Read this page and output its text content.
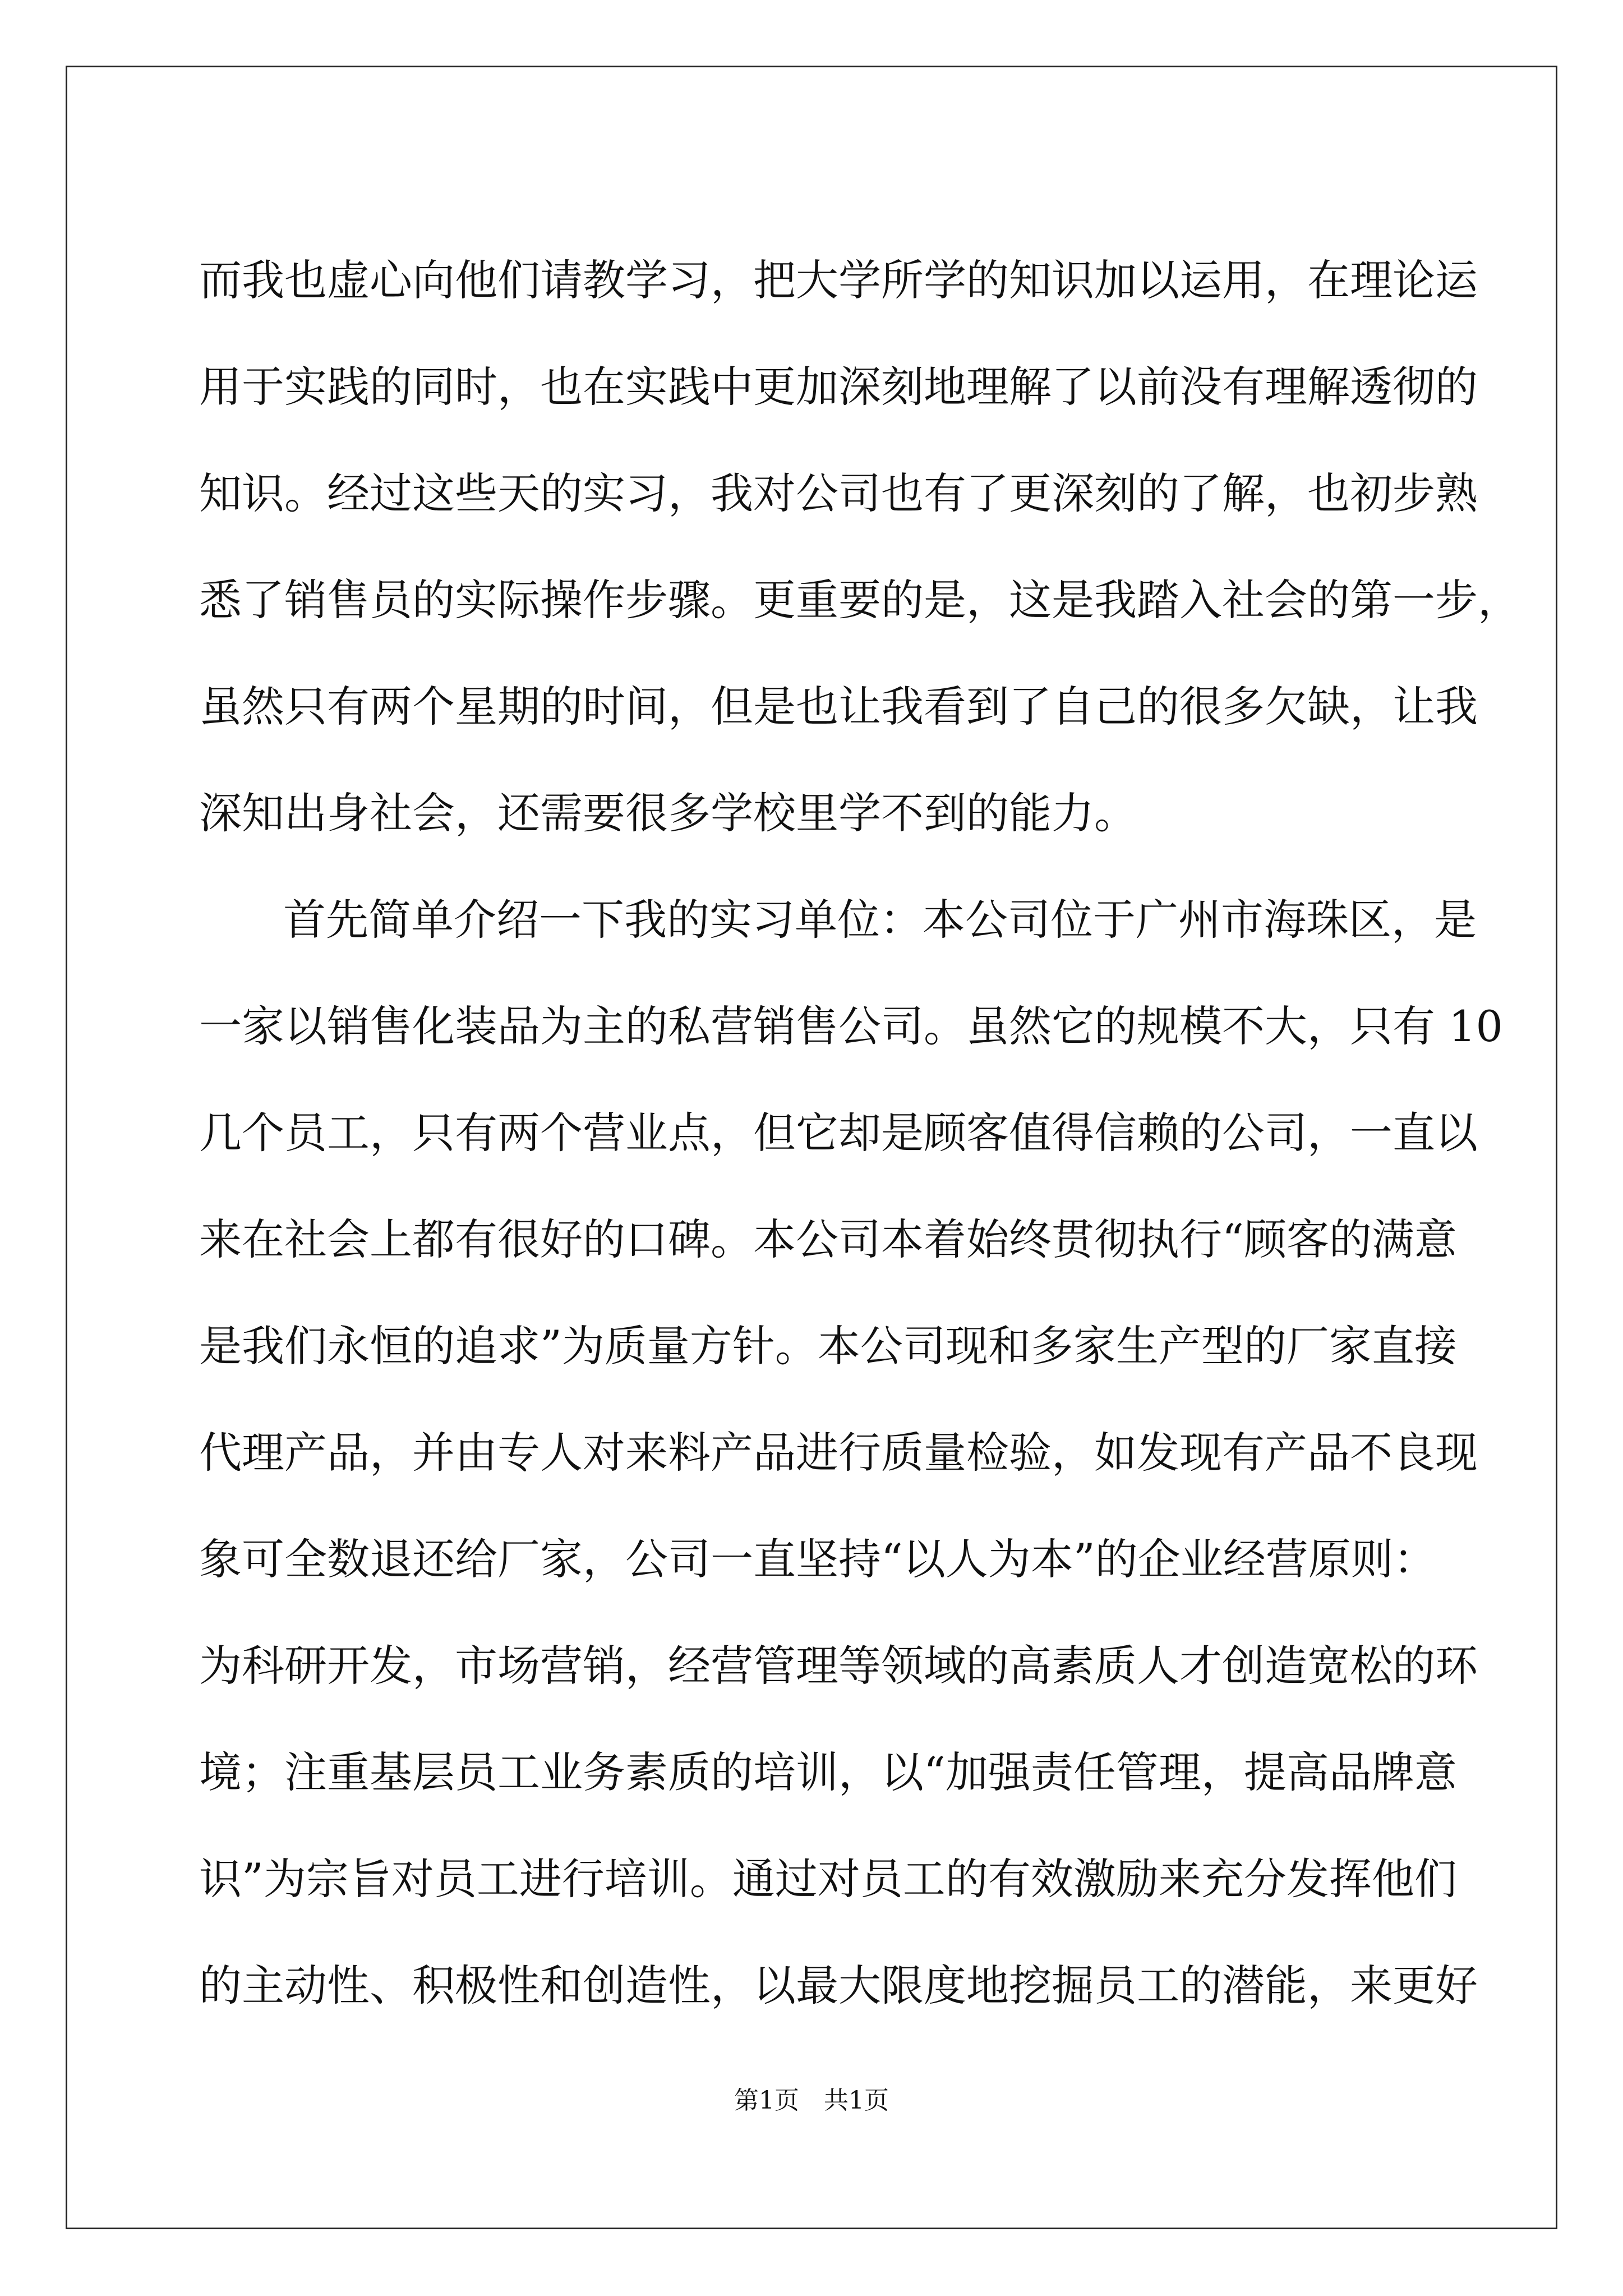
而我也虚心向他们请教学习，把大学所学的知识加以运用，在理论运
用于实践的同时，也在实践中更加深刻地理解了以前没有理解透彻的
知识。经过这些天的实习，我对公司也有了更深刻的了解，也初步熟
悉了销售员的实际操作步骤。更重要的是，这是我踏入社会的第一步，
虽然只有两个星期的时间，但是也让我看到了自己的很多欠缺，让我
深知出身社会，还需要很多学校里学不到的能力。
首先简单介绍一下我的实习单位：本公司位于广州市海珠区，是
一家以销售化装品为主的私营销售公司。虽然它的规模不大，只有 10
几个员工，只有两个营业点，但它却是顾客值得信赖的公司，一直以
来在社会上都有很好的口碑。本公司本着始终贯彻执行“顾客的满意
是我们永恒的追求”为质量方针。本公司现和多家生产型的厂家直接
代理产品，并由专人对来料产品进行质量检验，如发现有产品不良现
象可全数退还给厂家，公司一直坚持“以人为本”的企业经营原则：
为科研开发，市场营销，经营管理等领域的高素质人才创造宽松的环
境；注重基层员工业务素质的培训，以“加强责任管理，提高品牌意
识”为宗旨对员工进行培训。通过对员工的有效激励来充分发挥他们
的主动性、积极性和创造性，以最大限度地挖掘员工的潜能，来更好
第1页　共1页
